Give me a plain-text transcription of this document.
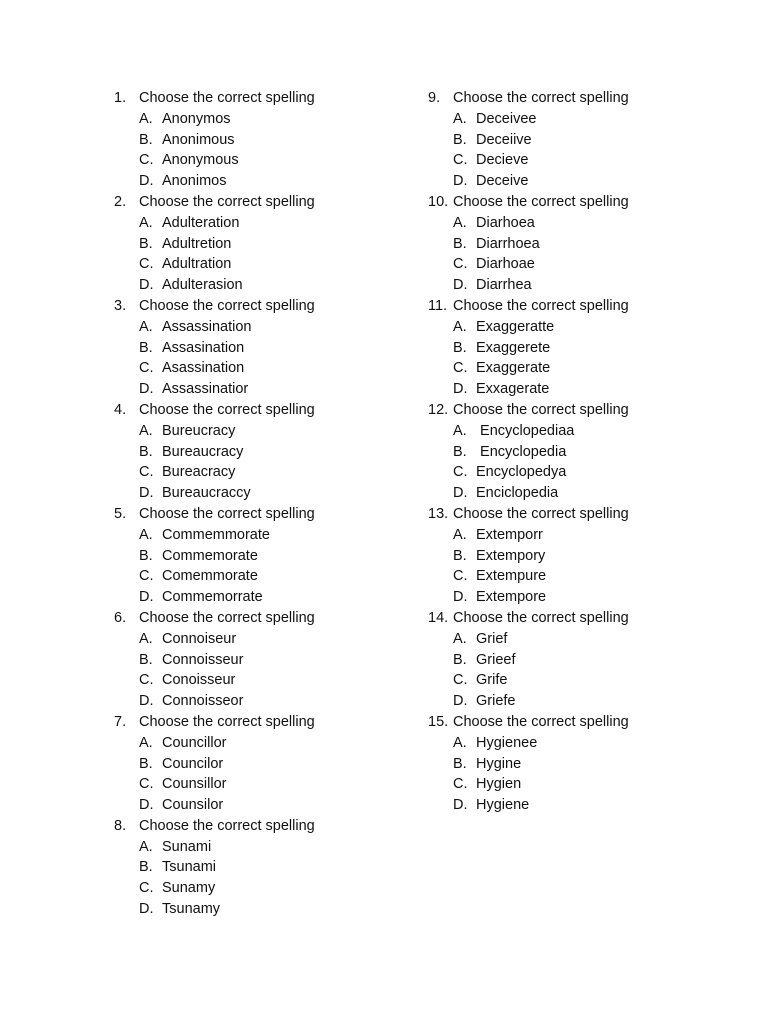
1. Choose the correct spelling
A. Anonymos
B. Anonimous
C. Anonymous
D. Anonimos
2. Choose the correct spelling
A. Adulteration
B. Adultretion
C. Adultration
D. Adulterasion
3. Choose the correct spelling
A. Assassination
B. Assasination
C. Asassination
D. Assassinatior
4. Choose the correct spelling
A. Bureucracy
B. Bureaucracy
C. Bureacracy
D. Bureaucraccy
5. Choose the correct spelling
A. Commemmorate
B. Commemorate
C. Comemmorate
D. Commemorrate
6. Choose the correct spelling
A. Connoiseur
B. Connoisseur
C. Conoisseur
D. Connoisseor
7. Choose the correct spelling
A. Councillor
B. Councilor
C. Counsillor
D. Counsilor
8. Choose the correct spelling
A. Sunami
B. Tsunami
C. Sunamy
D. Tsunamy
9. Choose the correct spelling
A. Deceivee
B. Deceiive
C. Decieve
D. Deceive
10. Choose the correct spelling
A. Diarhoea
B. Diarrhoea
C. Diarhoae
D. Diarrhea
11. Choose the correct spelling
A. Exaggeratte
B. Exaggerete
C. Exaggerate
D. Exxagerate
12. Choose the correct spelling
A. Encyclopediaa
B. Encyclopedia
C. Encyclopedya
D. Enciclopedia
13. Choose the correct spelling
A. Extemporr
B. Extempory
C. Extempure
D. Extempore
14. Choose the correct spelling
A. Grief
B. Grieef
C. Grife
D. Griefe
15. Choose the correct spelling
A. Hygienee
B. Hygine
C. Hygien
D. Hygiene
